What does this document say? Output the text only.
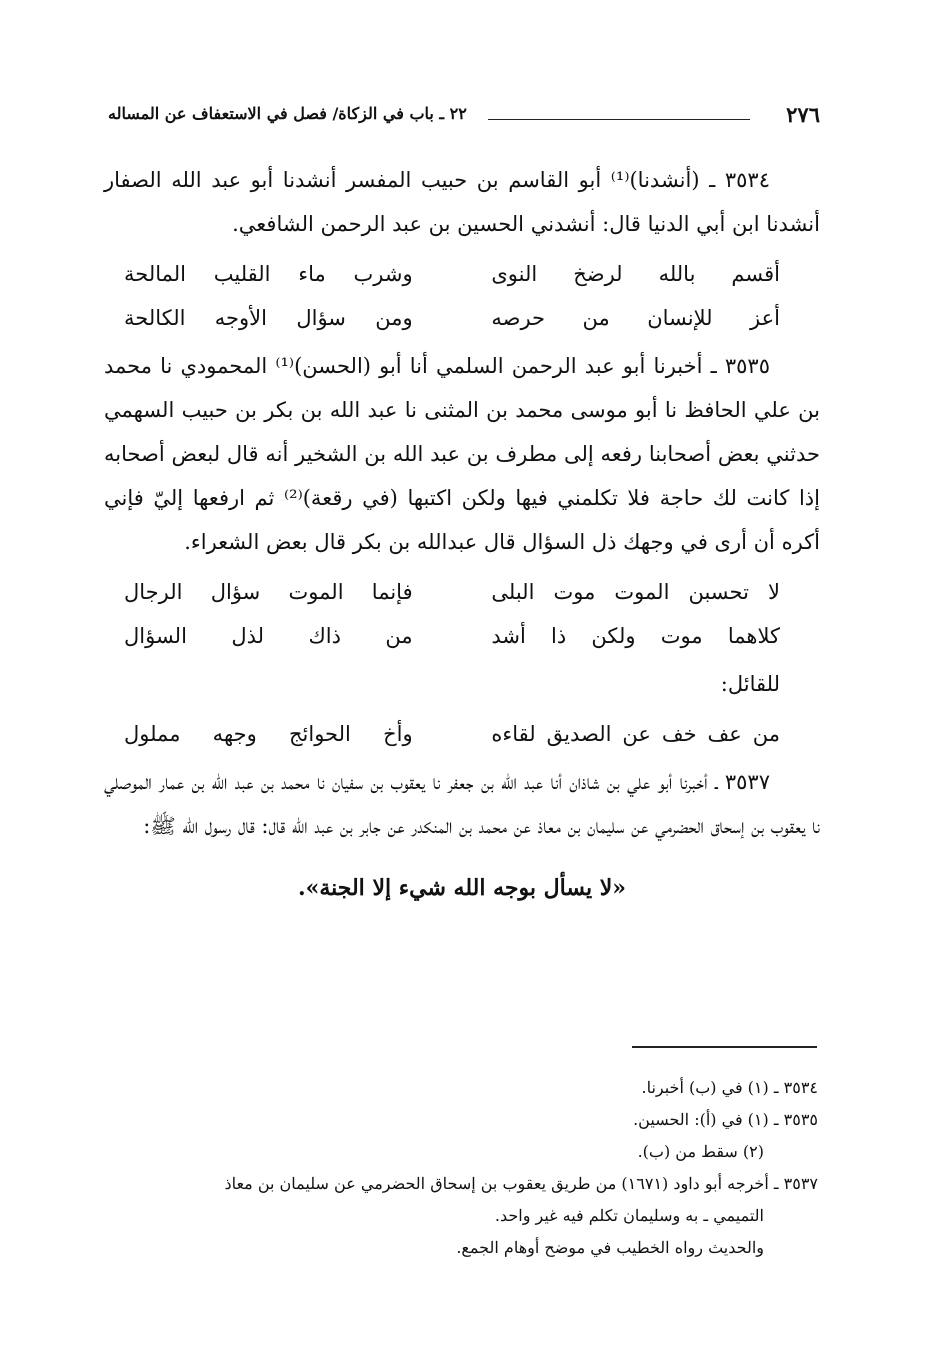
٢٧٦
٢٢ ـ باب في الزكاة/ فصل في الاستعفاف عن المساله

٣٥٣٤ ـ (أنشدنا)⁽¹⁾ أبو القاسم بن حبيب المفسر أنشدنا أبو عبد الله الصفار أنشدنا ابن أبي الدنيا قال: أنشدني الحسين بن عبد الرحمن الشافعي.

أقسم بالله لرضخ النوى
وشرب ماء القليب المالحة
أعز للإنسان من حرصه
ومن سؤال الأوجه الكالحة

٣٥٣٥ ـ أخبرنا أبو عبد الرحمن السلمي أنا أبو (الحسن)⁽¹⁾ المحمودي نا محمد بن علي الحافظ نا أبو موسى محمد بن المثنى نا عبد الله بن بكر بن حبيب السهمي حدثني بعض أصحابنا رفعه إلى مطرف بن عبد الله بن الشخير أنه قال لبعض أصحابه إذا كانت لك حاجة فلا تكلمني فيها ولكن اكتبها (في رقعة)⁽²⁾ ثم ارفعها إليّ فإني أكره أن أرى في وجهك ذل السؤال قال عبدالله بن بكر قال بعض الشعراء.

لا تحسبن الموت موت البلى
فإنما الموت سؤال الرجال
كلاهما موت ولكن ذا أشد
من ذاك لذل السؤال

للقائل:

من عف خف عن الصديق لقاءه
وأخ الحوائج وجهه مملول

٣٥٣٧ ـ أخبرنا أبو علي بن شاذان أنا عبد الله بن جعفر نا يعقوب بن سفيان نا محمد بن عبد الله بن عمار الموصلي نا يعقوب بن إسحاق الحضرمي عن سليمان بن معاذ عن محمد بن المنكدر عن جابر بن عبد الله قال: قال رسول الله ﷺ:

«لا يسأل بوجه الله شيء إلا الجنة».

٣٥٣٤ ـ (١) في (ب) أخبرنا.

٣٥٣٥ ـ (١) في (أ): الحسين.

(٢) سقط من (ب).

٣٥٣٧ ـ أخرجه أبو داود (١٦٧١) من طريق يعقوب بن إسحاق الحضرمي عن سليمان بن معاذ

التميمي ـ به وسليمان تكلم فيه غير واحد.

والحديث رواه الخطيب في موضح أوهام الجمع.
